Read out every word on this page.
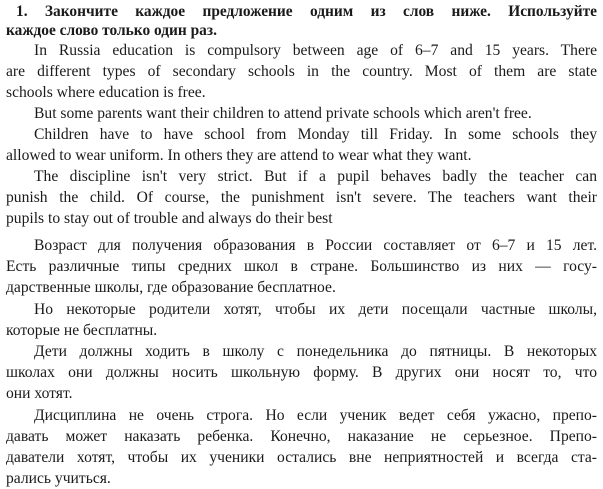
1. Закончите каждое предложение одним из слов ниже. Используйте
каждое слово только один раз.
In Russia education is compulsory between age of 6–7 and 15 years. There
are different types of secondary schools in the country. Most of them are state
schools where education is free.
But some parents want their children to attend private schools which aren't free.
Children have to have school from Monday till Friday. In some schools they
allowed to wear uniform. In others they are attend to wear what they want.
The discipline isn't very strict. But if a pupil behaves badly the teacher can
punish the child. Of course, the punishment isn't severe. The teachers want their
pupils to stay out of trouble and always do their best
Возраст для получения образования в России составляет от 6–7 и 15 лет.
Есть различные типы средних школ в стране. Большинство из них — госу-
дарственные школы, где образование бесплатное.
Но некоторые родители хотят, чтобы их дети посещали частные школы,
которые не бесплатны.
Дети должны ходить в школу с понедельника до пятницы. В некоторых
школах они должны носить школьную форму. В других они носят то, что
они хотят.
Дисциплина не очень строга. Но если ученик ведет себя ужасно, препо-
давать может наказать ребенка. Конечно, наказание не серьезное. Препо-
даватели хотят, чтобы их ученики остались вне неприятностей и всегда ста-
рались учиться.
